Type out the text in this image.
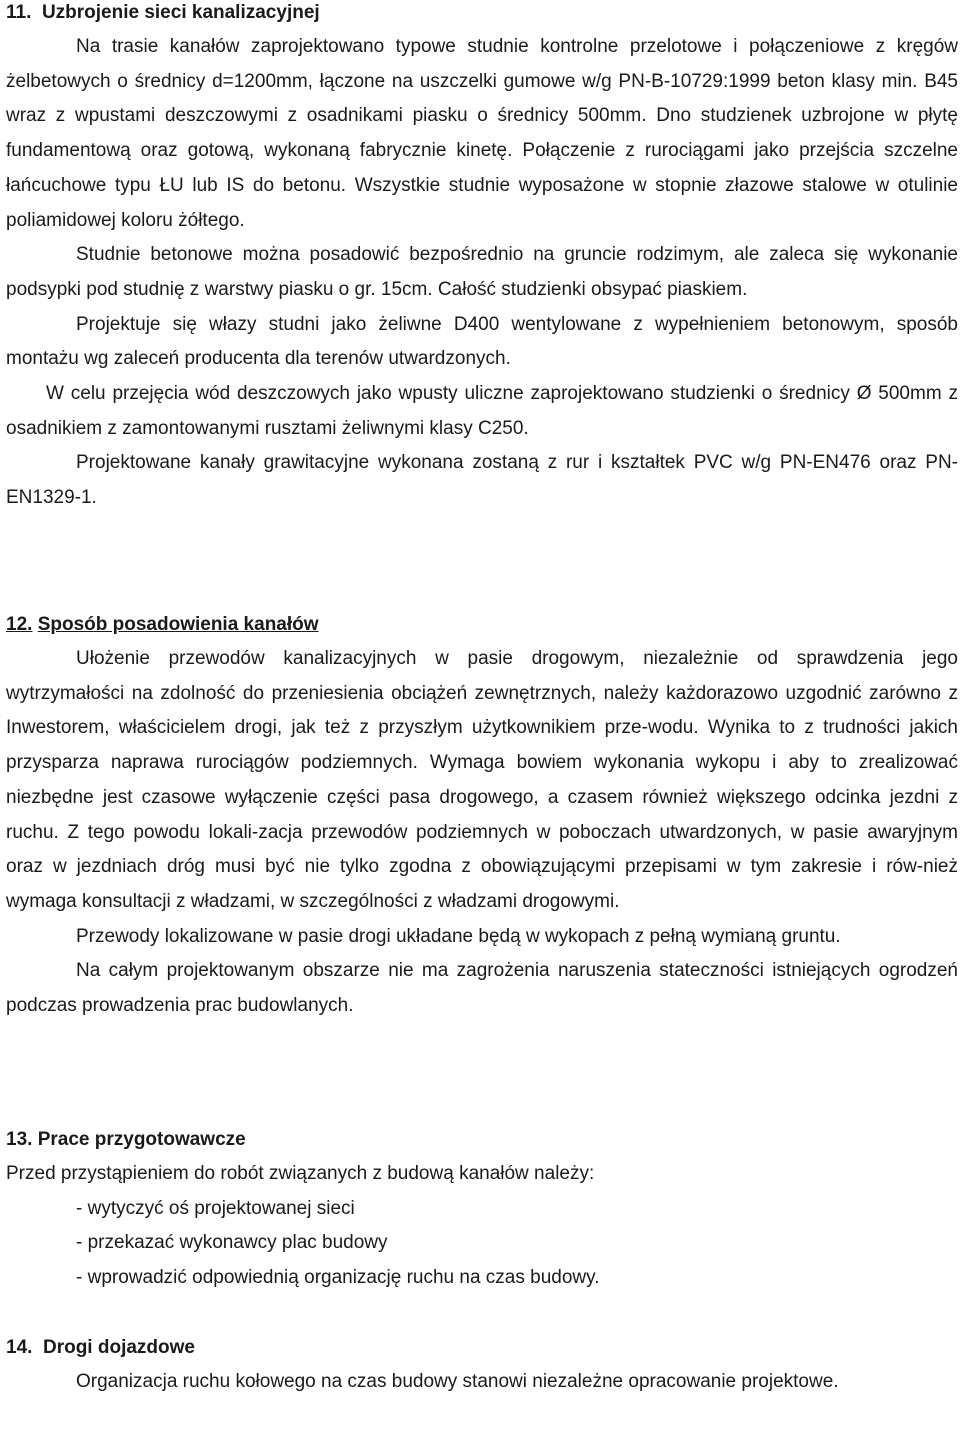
11. Uzbrojenie sieci kanalizacyjnej

Na trasie kanałów zaprojektowano typowe studnie kontrolne przelotowe i połączeniowe z kręgów żelbetowych o średnicy d=1200mm, łączone na uszczelki gumowe w/g PN-B-10729:1999 beton klasy min. B45 wraz z wpustami deszczowymi z osadnikami piasku o średnicy 500mm. Dno studzienek uzbrojone w płytę fundamentową oraz gotową, wykonaną fabrycznie kinetę. Połączenie z rurociągami jako przejścia szczelne łańcuchowe typu ŁU lub IS do betonu. Wszystkie studnie wyposażone w stopnie złazowe stalowe w otulinie poliamidowej koloru żółtego.

Studnie betonowe można posadowić bezpośrednio na gruncie rodzimym, ale zaleca się wykonanie podsypki pod studnię z warstwy piasku o gr. 15cm. Całość studzienki obsypać piaskiem.

Projektuje się włazy studni jako żeliwne D400 wentylowane z wypełnieniem betonowym, sposób montażu wg zaleceń producenta dla terenów utwardzonych.

W celu przejęcia wód deszczowych jako wpusty uliczne zaprojektowano studzienki o średnicy Ø 500mm z osadnikiem z zamontowanymi rusztami żeliwnymi klasy C250.

Projektowane kanały grawitacyjne wykonana zostaną z rur i kształtek PVC w/g PN-EN476 oraz PN-EN1329-1.

12. Sposób posadowienia kanałów

Ułożenie przewodów kanalizacyjnych w pasie drogowym, niezależnie od sprawdzenia jego wytrzymałości na zdolność do przeniesienia obciążeń zewnętrznych, należy każdorazowo uzgodnić zarówno z Inwestorem, właścicielem drogi, jak też z przyszłym użytkownikiem prze-wodu. Wynika to z trudności jakich przysparza naprawa rurociągów podziemnych. Wymaga bowiem wykonania wykopu i aby to zrealizować niezbędne jest czasowe wyłączenie części pasa drogowego, a czasem również większego odcinka jezdni z ruchu. Z tego powodu lokali-zacja przewodów podziemnych w poboczach utwardzonych, w pasie awaryjnym oraz w jezdniach dróg musi być nie tylko zgodna z obowiązującymi przepisami w tym zakresie i rów-nież wymaga konsultacji z władzami, w szczególności z władzami drogowymi.

Przewody lokalizowane w pasie drogi układane będą w wykopach z pełną wymianą gruntu.

Na całym projektowanym obszarze nie ma zagrożenia naruszenia stateczności istniejących ogrodzeń podczas prowadzenia prac budowlanych.

13. Prace przygotowawcze

Przed przystąpieniem do robót związanych z budową kanałów należy:

- wytyczyć oś projektowanej sieci
- przekazać wykonawcy plac budowy
- wprowadzić odpowiednią organizację ruchu na czas budowy.
14. Drogi dojazdowe

Organizacja ruchu kołowego na czas budowy stanowi niezależne opracowanie projektowe.
